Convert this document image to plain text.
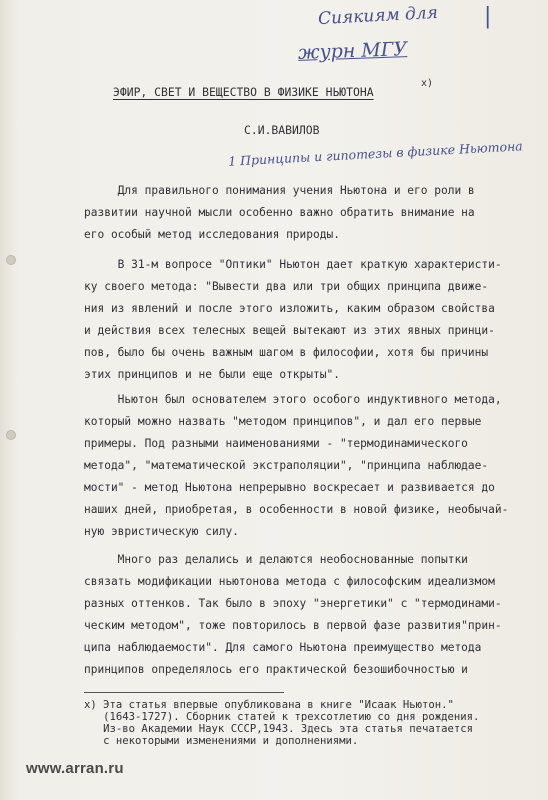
Сиякиям для |
журн МГУ
1 Принципы и гипотезы в физике Ньютона
ЭФИР, СВЕТ И ВЕЩЕСТВО В ФИЗИКЕ НЬЮТОНА
х)
С.И.ВАВИЛОВ
Для правильного понимания учения Ньютона и его роли в
развитии научной мысли особенно важно обратить внимание на
его особый метод исследования природы.
В 31-м вопросе "Оптики" Ньютон дает краткую характеристи-
ку своего метода: "Вывести два или три общих принципа движе-
ния из явлений и после этого изложить, каким образом свойства
и действия всех телесных вещей вытекают из этих явных принци-
пов, было бы очень важным шагом в философии, хотя бы причины
этих принципов и не были еще открыты".
Ньютон был основателем этого особого индуктивного метода,
который можно назвать "методом принципов", и дал его первые
примеры. Под разными наименованиями - "термодинамического
метода", "математической экстраполяции", "принципа наблюдае-
мости" - метод Ньютона непрерывно воскресает и развивается до
наших дней, приобретая, в особенности в новой физике, необычай-
ную эвристическую силу.
Много раз делались и делаются необоснованные попытки
связать модификации ньютонова метода с философским идеализмом
разных оттенков. Так было в эпоху "энергетики" с "термодинами-
ческим методом", тоже повторилось в первой фазе развития"прин-
ципа наблюдаемости". Для самого Ньютона преимущество метода
принципов определялось его практической безошибочностью и
х) Эта статья впервые опубликована в книге "Исаак Ньютон."
(1643-1727). Сборник статей к трехсотлетию со дня рождения.
Из-во Академии Наук СССР,1943. Здесь эта статья печатается
с некоторыми изменениями и дополнениями.
www.arran.ru
